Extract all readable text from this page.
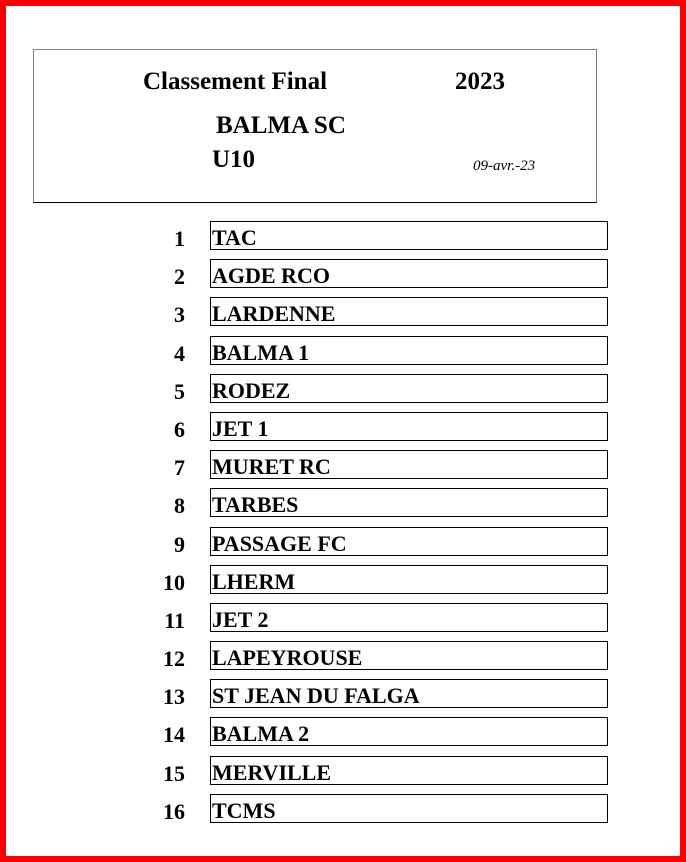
Classement Final	2023
BALMA SC
U10	09-avr.-23
1 TAC
2 AGDE RCO
3 LARDENNE
4 BALMA 1
5 RODEZ
6 JET 1
7 MURET RC
8 TARBES
9 PASSAGE FC
10 LHERM
11 JET 2
12 LAPEYROUSE
13 ST JEAN DU FALGA
14 BALMA 2
15 MERVILLE
16 TCMS
